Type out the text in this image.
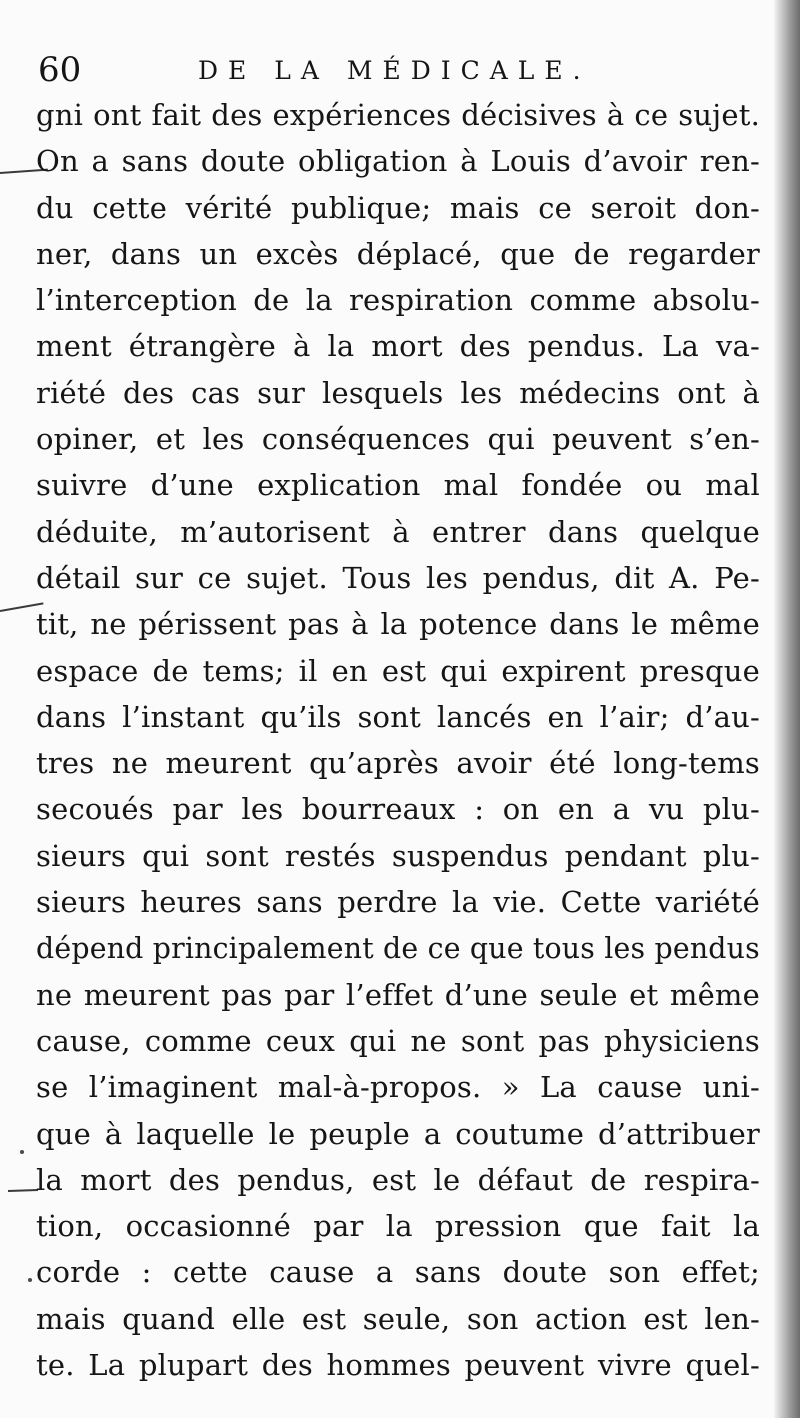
60	DE LA MÉDICALE.
gni ont fait des expériences décisives à ce sujet.
On a sans doute obligation à Louis d’avoir ren-
du cette vérité publique; mais ce seroit don-
ner, dans un excès déplacé, que de regarder
l’interception de la respiration comme absolu-
ment étrangère à la mort des pendus. La va-
riété des cas sur lesquels les médecins ont à
opiner, et les conséquences qui peuvent s’en-
suivre d’une explication mal fondée ou mal
déduite, m’autorisent à entrer dans quelque
détail sur ce sujet. Tous les pendus, dit A. Pe-
tit, ne périssent pas à la potence dans le même
espace de tems; il en est qui expirent presque
dans l’instant qu’ils sont lancés en l’air; d’au-
tres ne meurent qu’après avoir été long-tems
secoués par les bourreaux : on en a vu plu-
sieurs qui sont restés suspendus pendant plu-
sieurs heures sans perdre la vie. Cette variété
dépend principalement de ce que tous les pendus
ne meurent pas par l’effet d’une seule et même
cause, comme ceux qui ne sont pas physiciens
se l’imaginent mal-à-propos. » La cause uni-
que à laquelle le peuple a coutume d’attribuer
la mort des pendus, est le défaut de respira-
tion, occasionné par la pression que fait la
corde : cette cause a sans doute son effet;
mais quand elle est seule, son action est len-
te. La plupart des hommes peuvent vivre quel-
